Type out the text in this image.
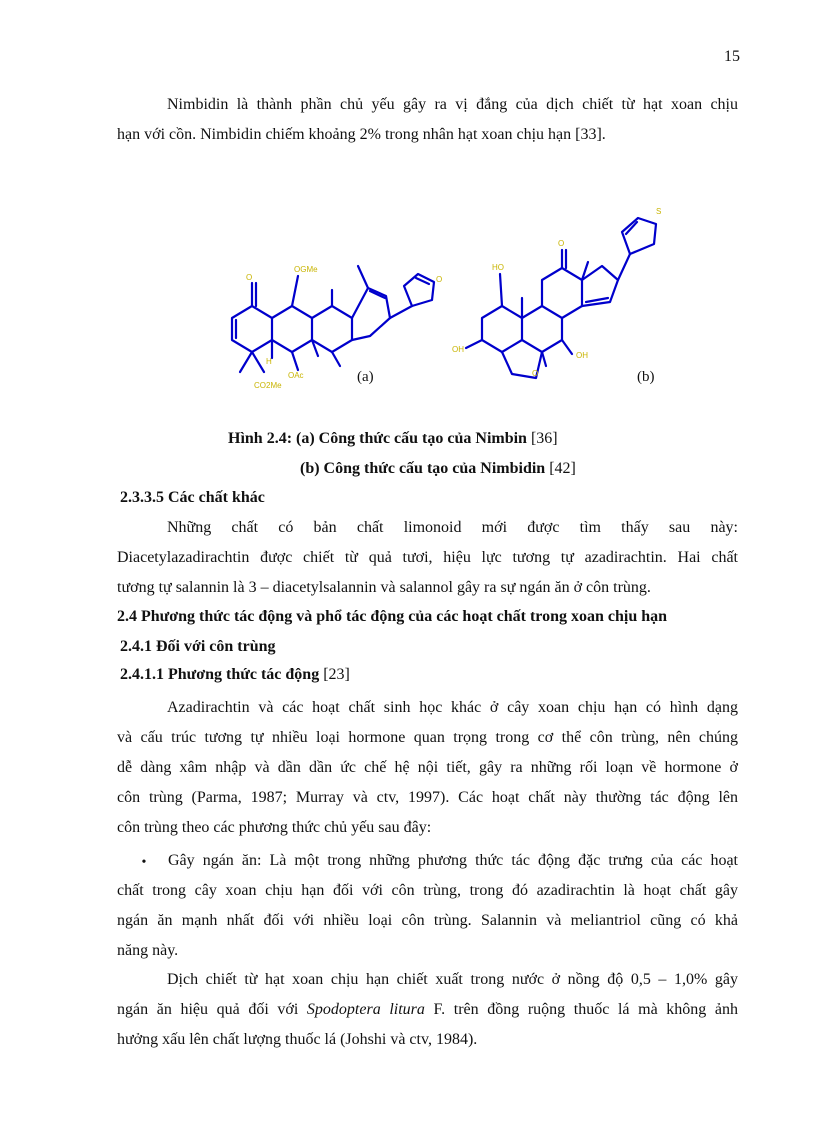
15

Nimbidin là thành phần chủ yếu gây ra vị đắng của dịch chiết từ hạt xoan chịu

hạn với cồn. Nimbidin chiếm khoảng 2% trong nhân hạt xoan chịu hạn [33].

O
OGMe
O
H
OAc
CO2Me
S
O
HO
OH
O
OH
(a)	(b)

Hình 2.4: (a) Công thức cấu tạo của Nimbin [36]

(b) Công thức cấu tạo của Nimbidin [42]

2.3.3.5 Các chất khác

Những chất có bản chất limonoid mới được tìm thấy sau này:

Diacetylazadirachtin được chiết từ quả tươi, hiệu lực tương tự azadirachtin. Hai chất

tương tự salannin là 3 – diacetylsalannin và salannol gây ra sự ngán ăn ở côn trùng.

2.4 Phương thức tác động và phổ tác động của các hoạt chất trong xoan chịu hạn

2.4.1 Đối với côn trùng

2.4.1.1 Phương thức tác động [23]

Azadirachtin và các hoạt chất sinh học khác ở cây xoan chịu hạn có hình dạng

và cấu trúc tương tự nhiều loại hormone quan trọng trong cơ thể côn trùng, nên chúng

dễ dàng xâm nhập và dần dần ức chế hệ nội tiết, gây ra những rối loạn về hormone ở

côn trùng (Parma, 1987; Murray và ctv, 1997). Các hoạt chất này thường tác động lên

côn trùng theo các phương thức chủ yếu sau đây:

•	Gây ngán ăn: Là một trong những phương thức tác động đặc trưng của các hoạt

chất trong cây xoan chịu hạn đối với côn trùng, trong đó azadirachtin là hoạt chất gây

ngán ăn mạnh nhất đối với nhiều loại côn trùng. Salannin và meliantriol cũng có khả

năng này.

Dịch chiết từ hạt xoan chịu hạn chiết xuất trong nước ở nồng độ 0,5 – 1,0% gây

ngán ăn hiệu quả đối với Spodoptera litura F. trên đồng ruộng thuốc lá mà không ảnh

hưởng xấu lên chất lượng thuốc lá (Johshi và ctv, 1984).
